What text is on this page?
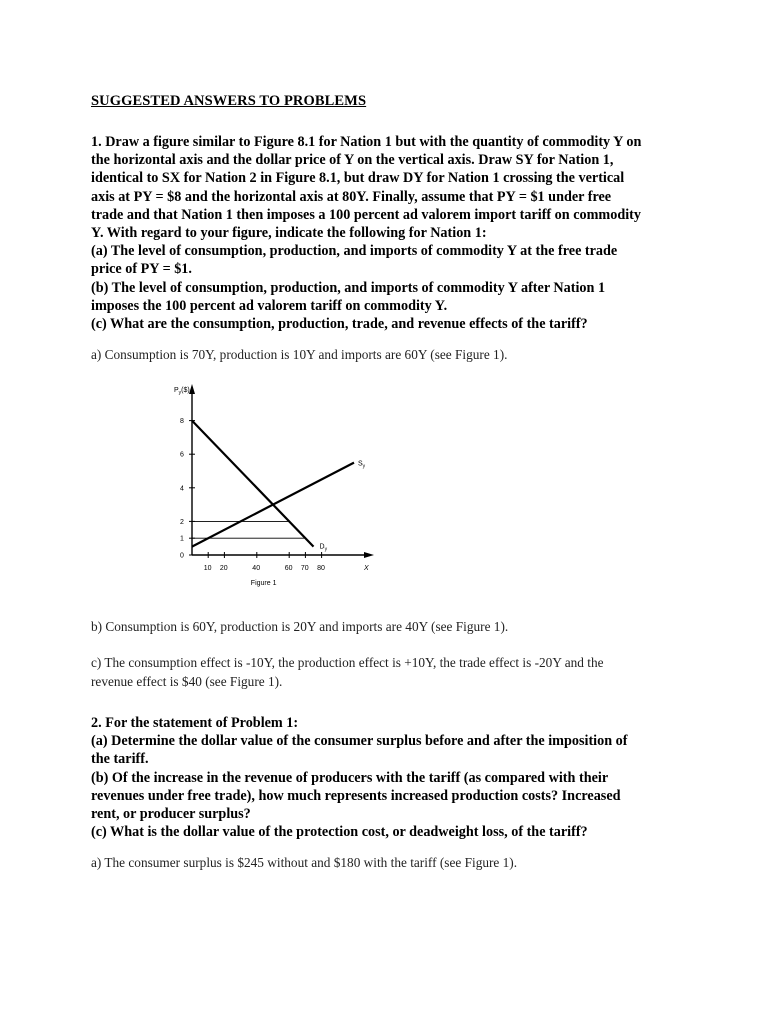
SUGGESTED ANSWERS TO PROBLEMS

1. Draw a figure similar to Figure 8.1 for Nation 1 but with the quantity of commodity Y on

the horizontal axis and the dollar price of Y on the vertical axis. Draw SY for Nation 1,

identical to SX for Nation 2 in Figure 8.1, but draw DY for Nation 1 crossing the vertical

axis at PY = $8 and the horizontal axis at 80Y. Finally, assume that PY = $1 under free

trade and that Nation 1 then imposes a 100 percent ad valorem import tariff on commodity

Y. With regard to your figure, indicate the following for Nation 1:

(a) The level of consumption, production, and imports of commodity Y at the free trade

price of PY = $1.

(b) The level of consumption, production, and imports of commodity Y after Nation 1

imposes the 100 percent ad valorem tariff on commodity Y.

(c) What are the consumption, production, trade, and revenue effects of the tariff?

a) Consumption is 70Y, production is 10Y and imports are 60Y (see Figure 1).

0
1
2
4
6
8
10 20	40	60 70 80
$P_y(\$)$
X
Figure 1
$S_y$
$D_y$

b) Consumption is 60Y, production is 20Y and imports are 40Y (see Figure 1).

c) The consumption effect is -10Y, the production effect is +10Y, the trade effect is -20Y and the

revenue effect is $40 (see Figure 1).

2. For the statement of Problem 1:

(a) Determine the dollar value of the consumer surplus before and after the imposition of

the tariff.

(b) Of the increase in the revenue of producers with the tariff (as compared with their

revenues under free trade), how much represents increased production costs? Increased

rent, or producer surplus?

(c) What is the dollar value of the protection cost, or deadweight loss, of the tariff?

a) The consumer surplus is $245 without and $180 with the tariff (see Figure 1).
